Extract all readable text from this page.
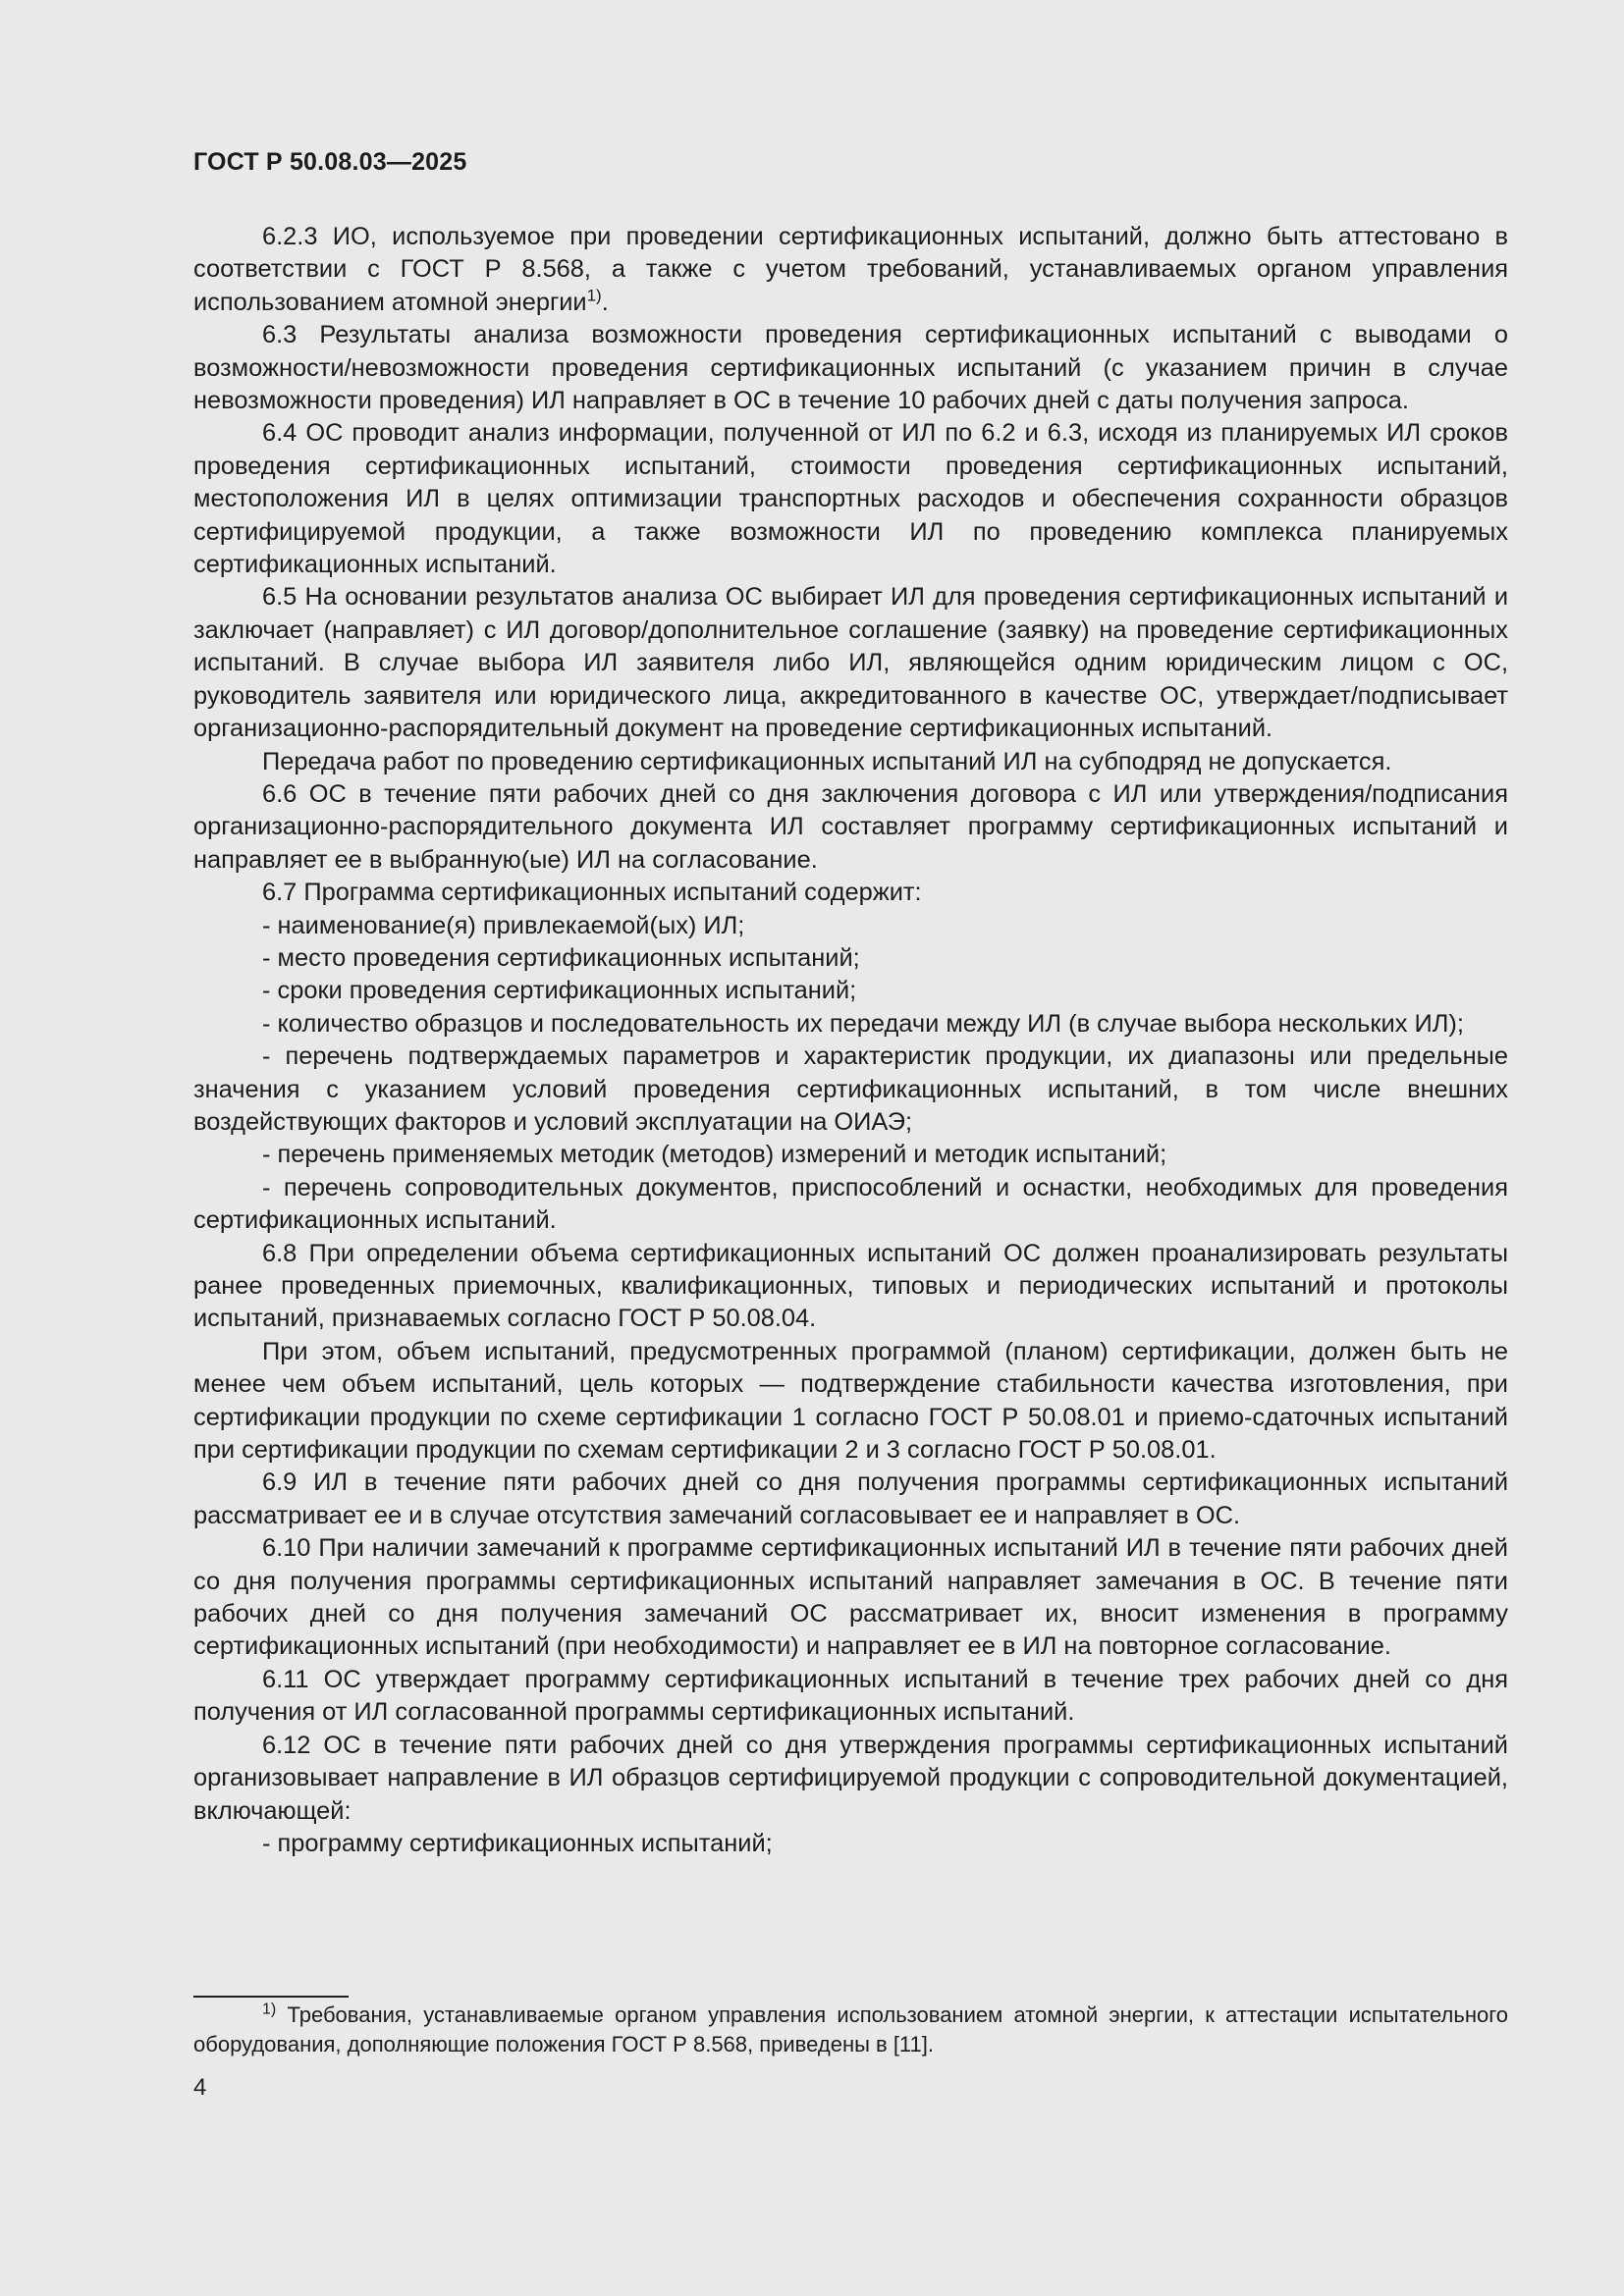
ГОСТ Р 50.08.03—2025

6.2.3 ИО, используемое при проведении сертификационных испытаний, должно быть аттестовано в соответствии с ГОСТ Р 8.568, а также с учетом требований, устанавливаемых органом управления использованием атомной энергии$^{1)}$.

6.3 Результаты анализа возможности проведения сертификационных испытаний с выводами о возможности/невозможности проведения сертификационных испытаний (с указанием причин в случае невозможности проведения) ИЛ направляет в ОС в течение 10 рабочих дней с даты получения запроса.

6.4 ОС проводит анализ информации, полученной от ИЛ по 6.2 и 6.3, исходя из планируемых ИЛ сроков проведения сертификационных испытаний, стоимости проведения сертификационных испытаний, местоположения ИЛ в целях оптимизации транспортных расходов и обеспечения сохранности образцов сертифицируемой продукции, а также возможности ИЛ по проведению комплекса планируемых сертификационных испытаний.

6.5 На основании результатов анализа ОС выбирает ИЛ для проведения сертификационных испытаний и заключает (направляет) с ИЛ договор/дополнительное соглашение (заявку) на проведение сертификационных испытаний. В случае выбора ИЛ заявителя либо ИЛ, являющейся одним юридическим лицом с ОС, руководитель заявителя или юридического лица, аккредитованного в качестве ОС, утверждает/подписывает организационно-распорядительный документ на проведение сертификационных испытаний.

Передача работ по проведению сертификационных испытаний ИЛ на субподряд не допускается.

6.6 ОС в течение пяти рабочих дней со дня заключения договора с ИЛ или утверждения/подписания организационно-распорядительного документа ИЛ составляет программу сертификационных испытаний и направляет ее в выбранную(ые) ИЛ на согласование.

6.7 Программа сертификационных испытаний содержит:

- наименование(я) привлекаемой(ых) ИЛ;

- место проведения сертификационных испытаний;

- сроки проведения сертификационных испытаний;

- количество образцов и последовательность их передачи между ИЛ (в случае выбора нескольких ИЛ);

- перечень подтверждаемых параметров и характеристик продукции, их диапазоны или предельные значения с указанием условий проведения сертификационных испытаний, в том числе внешних воздействующих факторов и условий эксплуатации на ОИАЭ;

- перечень применяемых методик (методов) измерений и методик испытаний;

- перечень сопроводительных документов, приспособлений и оснастки, необходимых для проведения сертификационных испытаний.

6.8 При определении объема сертификационных испытаний ОС должен проанализировать результаты ранее проведенных приемочных, квалификационных, типовых и периодических испытаний и протоколы испытаний, признаваемых согласно ГОСТ Р 50.08.04.

При этом, объем испытаний, предусмотренных программой (планом) сертификации, должен быть не менее чем объем испытаний, цель которых — подтверждение стабильности качества изготовления, при сертификации продукции по схеме сертификации 1 согласно ГОСТ Р 50.08.01 и приемо-сдаточных испытаний при сертификации продукции по схемам сертификации 2 и 3 согласно ГОСТ Р 50.08.01.

6.9 ИЛ в течение пяти рабочих дней со дня получения программы сертификационных испытаний рассматривает ее и в случае отсутствия замечаний согласовывает ее и направляет в ОС.

6.10 При наличии замечаний к программе сертификационных испытаний ИЛ в течение пяти рабочих дней со дня получения программы сертификационных испытаний направляет замечания в ОС. В течение пяти рабочих дней со дня получения замечаний ОС рассматривает их, вносит изменения в программу сертификационных испытаний (при необходимости) и направляет ее в ИЛ на повторное согласование.

6.11 ОС утверждает программу сертификационных испытаний в течение трех рабочих дней со дня получения от ИЛ согласованной программы сертификационных испытаний.

6.12 ОС в течение пяти рабочих дней со дня утверждения программы сертификационных испытаний организовывает направление в ИЛ образцов сертифицируемой продукции с сопроводительной документацией, включающей:

- программу сертификационных испытаний;

$^{1)}$ Требования, устанавливаемые органом управления использованием атомной энергии, к аттестации испытательного оборудования, дополняющие положения ГОСТ Р 8.568, приведены в [11].

4
